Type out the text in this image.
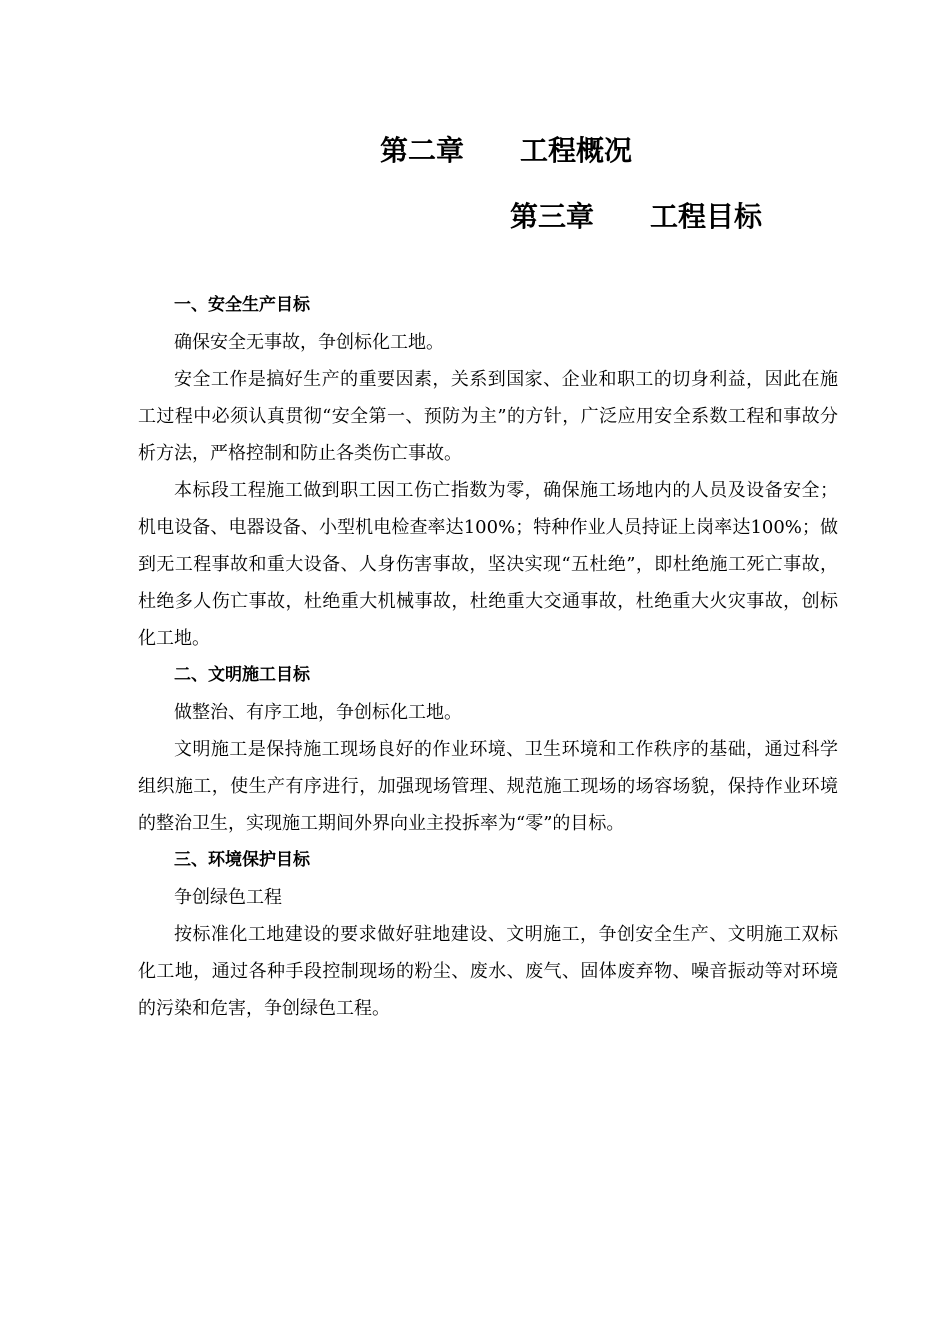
第二章 工程概况
第三章 工程目标
一、安全生产目标

确保安全无事故，争创标化工地。

安全工作是搞好生产的重要因素，关系到国家、企业和职工的切身利益，因此在施工过程中必须认真贯彻“安全第一、预防为主”的方针，广泛应用安全系数工程和事故分析方法，严格控制和防止各类伤亡事故。

本标段工程施工做到职工因工伤亡指数为零，确保施工场地内的人员及设备安全；机电设备、电器设备、小型机电检查率达100%；特种作业人员持证上岗率达100%；做到无工程事故和重大设备、人身伤害事故，坚决实现“五杜绝”，即杜绝施工死亡事故，杜绝多人伤亡事故，杜绝重大机械事故，杜绝重大交通事故，杜绝重大火灾事故，创标化工地。

二、文明施工目标

做整治、有序工地，争创标化工地。

文明施工是保持施工现场良好的作业环境、卫生环境和工作秩序的基础，通过科学组织施工，使生产有序进行，加强现场管理、规范施工现场的场容场貌，保持作业环境的整治卫生，实现施工期间外界向业主投拆率为“零”的目标。

三、环境保护目标

争创绿色工程

按标准化工地建设的要求做好驻地建设、文明施工，争创安全生产、文明施工双标化工地，通过各种手段控制现场的粉尘、废水、废气、固体废弃物、噪音振动等对环境的污染和危害，争创绿色工程。
